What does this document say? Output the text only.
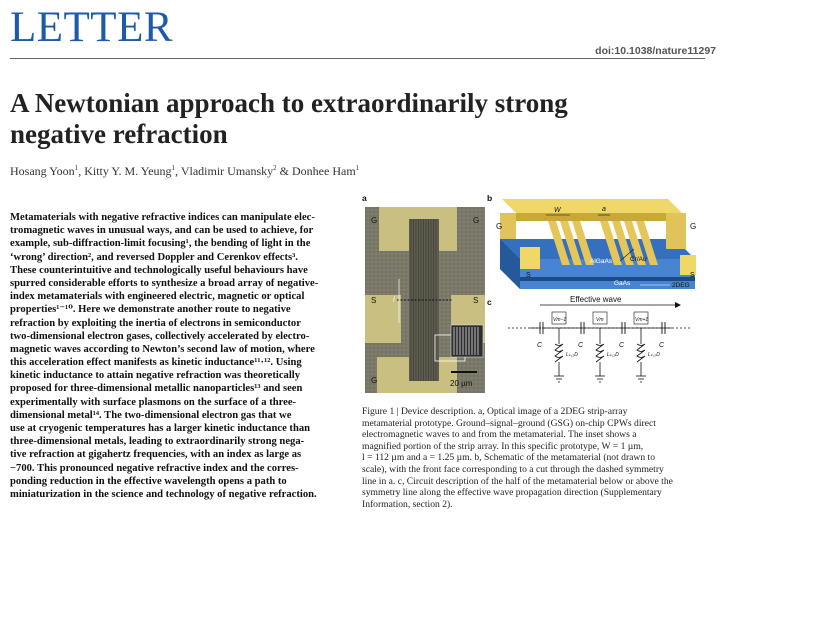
LETTER	doi:10.1038/nature11297
A Newtonian approach to extraordinarily strong
negative refraction
Hosang Yoon$^1$, Kitty Y. M. Yeung$^1$, Vladimir Umansky$^2$ & Donhee Ham$^1$
Metamaterials with negative refractive indices can manipulate elec-
tromagnetic waves in unusual ways, and can be used to achieve, for
example, sub-diffraction-limit focusing¹, the bending of light in the
‘wrong’ direction², and reversed Doppler and Cerenkov effects³.
These counterintuitive and technologically useful behaviours have
spurred considerable efforts to synthesize a broad array of negative-
index metamaterials with engineered electric, magnetic or optical
properties¹⁻¹⁰. Here we demonstrate another route to negative
refraction by exploiting the inertia of electrons in semiconductor
two-dimensional electron gases, collectively accelerated by electro-
magnetic waves according to Newton’s second law of motion, where
this acceleration effect manifests as kinetic inductance¹¹·¹². Using
kinetic inductance to attain negative refraction was theoretically
proposed for three-dimensional metallic nanoparticles¹³ and seen
experimentally with surface plasmons on the surface of a three-
dimensional metal¹⁴. The two-dimensional electron gas that we
use at cryogenic temperatures has a larger kinetic inductance than
three-dimensional metals, leading to extraordinarily strong nega-
tive refraction at gigahertz frequencies, with an index as large as
−700. This pronounced negative refractive index and the corres-
ponding reduction in the effective wavelength opens a path to
miniaturization in the science and technology of negative refraction.
a	b
c
G	G
S	S
G
l
20 µm
G	G
S	S
W	a
AlGaAs	Cr/Au
GaAs	2DEG
Effective wave
C	C	C	C
Vm−1	Vm	Vm+1
Lₖ,₂D	Lₖ,₂D	Lₖ,₂D
Figure 1 | Device description. a, Optical image of a 2DEG strip-array
metamaterial prototype. Ground–signal–ground (GSG) on-chip CPWs direct
electromagnetic waves to and from the metamaterial. The inset shows a
magnified portion of the strip array. In this specific prototype, W = 1 µm,
l = 112 µm and a = 1.25 µm. b, Schematic of the metamaterial (not drawn to
scale), with the front face corresponding to a cut through the dashed symmetry
line in a. c, Circuit description of the half of the metamaterial below or above the
symmetry line along the effective wave propagation direction (Supplementary
Information, section 2).
